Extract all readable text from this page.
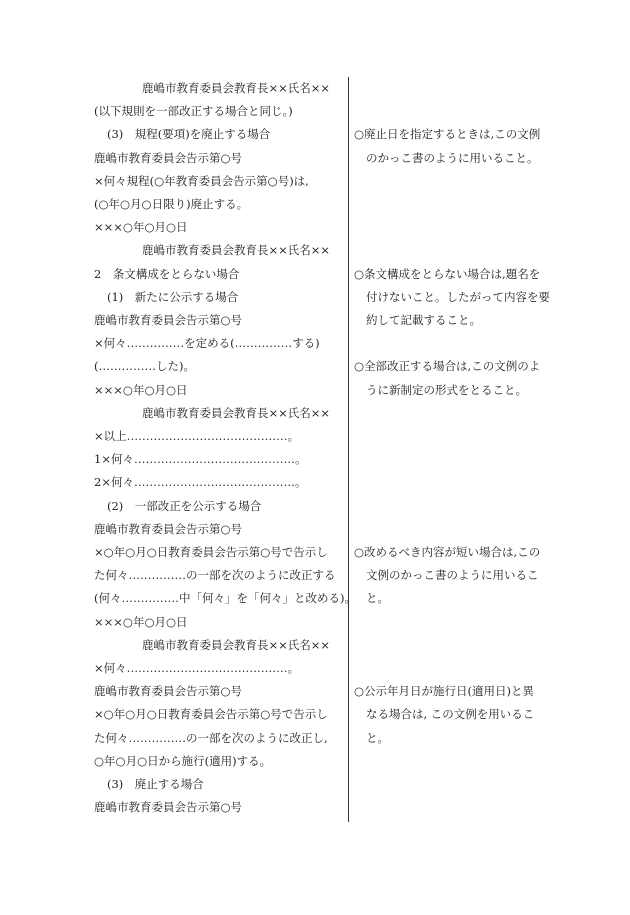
鹿嶋市教育委員会教育長××氏名××
(以下規則を一部改正する場合と同じ。)
(3)　規程(要項)を廃止する場合
鹿嶋市教育委員会告示第○号
×何々規程(○年教育委員会告示第○号)は,
(○年○月○日限り)廃止する。
×××○年○月○日
鹿嶋市教育委員会教育長××氏名××
2　条文構成をとらない場合
(1)　新たに公示する場合
鹿嶋市教育委員会告示第○号
×何々……………を定める(……………する)
(……………した)。
×××○年○月○日
鹿嶋市教育委員会教育長××氏名××
×以上……………………………………。
1×何々……………………………………。
2×何々……………………………………。
(2)　一部改正を公示する場合
鹿嶋市教育委員会告示第○号
×○年○月○日教育委員会告示第○号で告示し
た何々……………の一部を次のように改正する
(何々……………中「何々」を「何々」と改める)。
×××○年○月○日
鹿嶋市教育委員会教育長××氏名××
×何々……………………………………。
鹿嶋市教育委員会告示第○号
×○年○月○日教育委員会告示第○号で告示し
た何々……………の一部を次のように改正し,
○年○月○日から施行(適用)する。
(3)　廃止する場合
鹿嶋市教育委員会告示第○号
○廃止日を指定するときは,この文例
のかっこ書のように用いること。
○条文構成をとらない場合は,題名を
付けないこと。したがって内容を要
約して記載すること。
○全部改正する場合は,この文例のよ
うに新制定の形式をとること。
○改めるべき内容が短い場合は,この
文例のかっこ書のように用いるこ
と。
○公示年月日が施行日(適用日)と異
なる場合は, この文例を用いるこ
と。
